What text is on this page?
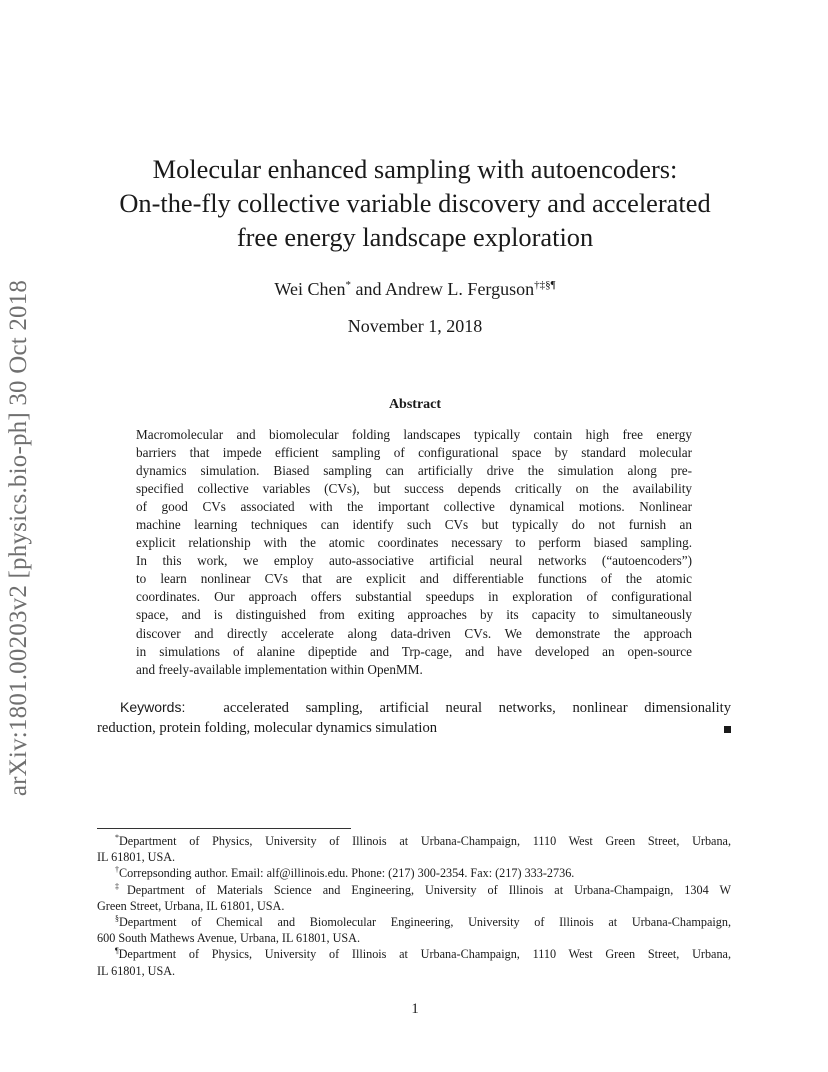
arXiv:1801.00203v2 [physics.bio-ph] 30 Oct 2018
Molecular enhanced sampling with autoencoders:
On-the-fly collective variable discovery and accelerated
free energy landscape exploration
Wei Chen* and Andrew L. Ferguson†‡§¶
November 1, 2018
Abstract
Macromolecular and biomolecular folding landscapes typically contain high free energy
barriers that impede efficient sampling of configurational space by standard molecular
dynamics simulation. Biased sampling can artificially drive the simulation along pre-
specified collective variables (CVs), but success depends critically on the availability
of good CVs associated with the important collective dynamical motions. Nonlinear
machine learning techniques can identify such CVs but typically do not furnish an
explicit relationship with the atomic coordinates necessary to perform biased sampling.
In this work, we employ auto-associative artificial neural networks (“autoencoders”)
to learn nonlinear CVs that are explicit and differentiable functions of the atomic
coordinates. Our approach offers substantial speedups in exploration of configurational
space, and is distinguished from exiting approaches by its capacity to simultaneously
discover and directly accelerate along data-driven CVs. We demonstrate the approach
in simulations of alanine dipeptide and Trp-cage, and have developed an open-source
and freely-available implementation within OpenMM.
Keywords:	accelerated sampling, artificial neural networks, nonlinear dimensionality
reduction, protein folding, molecular dynamics simulation
*Department of Physics, University of Illinois at Urbana-Champaign, 1110 West Green Street, Urbana,
IL 61801, USA.
†Correpsonding author. Email: alf@illinois.edu. Phone: (217) 300-2354. Fax: (217) 333-2736.
‡Department of Materials Science and Engineering, University of Illinois at Urbana-Champaign, 1304 W
Green Street, Urbana, IL 61801, USA.
§Department of Chemical and Biomolecular Engineering, University of Illinois at Urbana-Champaign,
600 South Mathews Avenue, Urbana, IL 61801, USA.
¶Department of Physics, University of Illinois at Urbana-Champaign, 1110 West Green Street, Urbana,
IL 61801, USA.
1
